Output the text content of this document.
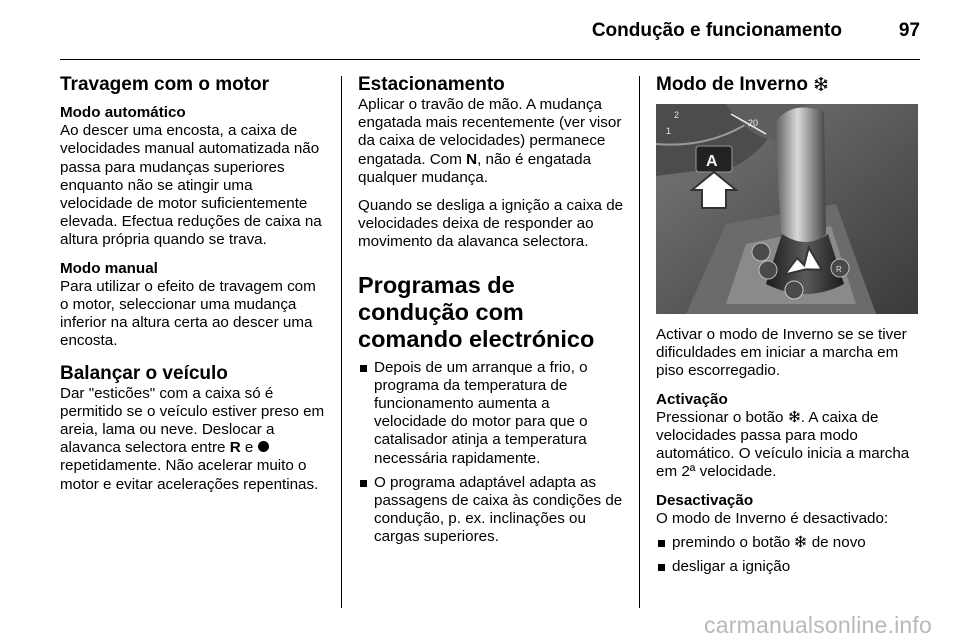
Condução e funcionamento	97
Travagem com o motor
Modo automático

Ao descer uma encosta, a caixa de velocidades manual automatizada não passa para mudanças superiores enquanto não se atingir uma velocidade de motor suficientemente elevada. Efectua reduções de caixa na altura própria quando se trava.

Modo manual

Para utilizar o efeito de travagem com o motor, seleccionar uma mudança inferior na altura certa ao descer uma encosta.

Balançar o veículo

Dar "esticões" com a caixa só é permitido se o veículo estiver preso em areia, lama ou neve. Deslocar a alavanca selectora entre R e  repetidamente. Não acelerar muito o motor e evitar acelerações repentinas.

Estacionamento

Aplicar o travão de mão. A mudança engatada mais recentemente (ver visor da caixa de velocidades) permanece engatada. Com N, não é engatada qualquer mudança.

Quando se desliga a ignição a caixa de velocidades deixa de responder ao movimento da alavanca selectora.

Programas de condução com comando electrónico
Depois de um arranque a frio, o programa da temperatura de funcionamento aumenta a velocidade do motor para que o catalisador atinja a temperatura necessária rapidamente.
O programa adaptável adapta as passagens de caixa às condições de condução, p. ex. inclinações ou cargas superiores.
Modo de Inverno
2
1
20
A
R

Activar o modo de Inverno se se tiver dificuldades em iniciar a marcha em piso escorregadio.

Activação

Pressionar o botão . A caixa de velocidades passa para modo automático. O veículo inicia a marcha em 2ª velocidade.

Desactivação

O modo de Inverno é desactivado:

premindo o botão de novo
desligar a ignição
carmanualsonline.info
